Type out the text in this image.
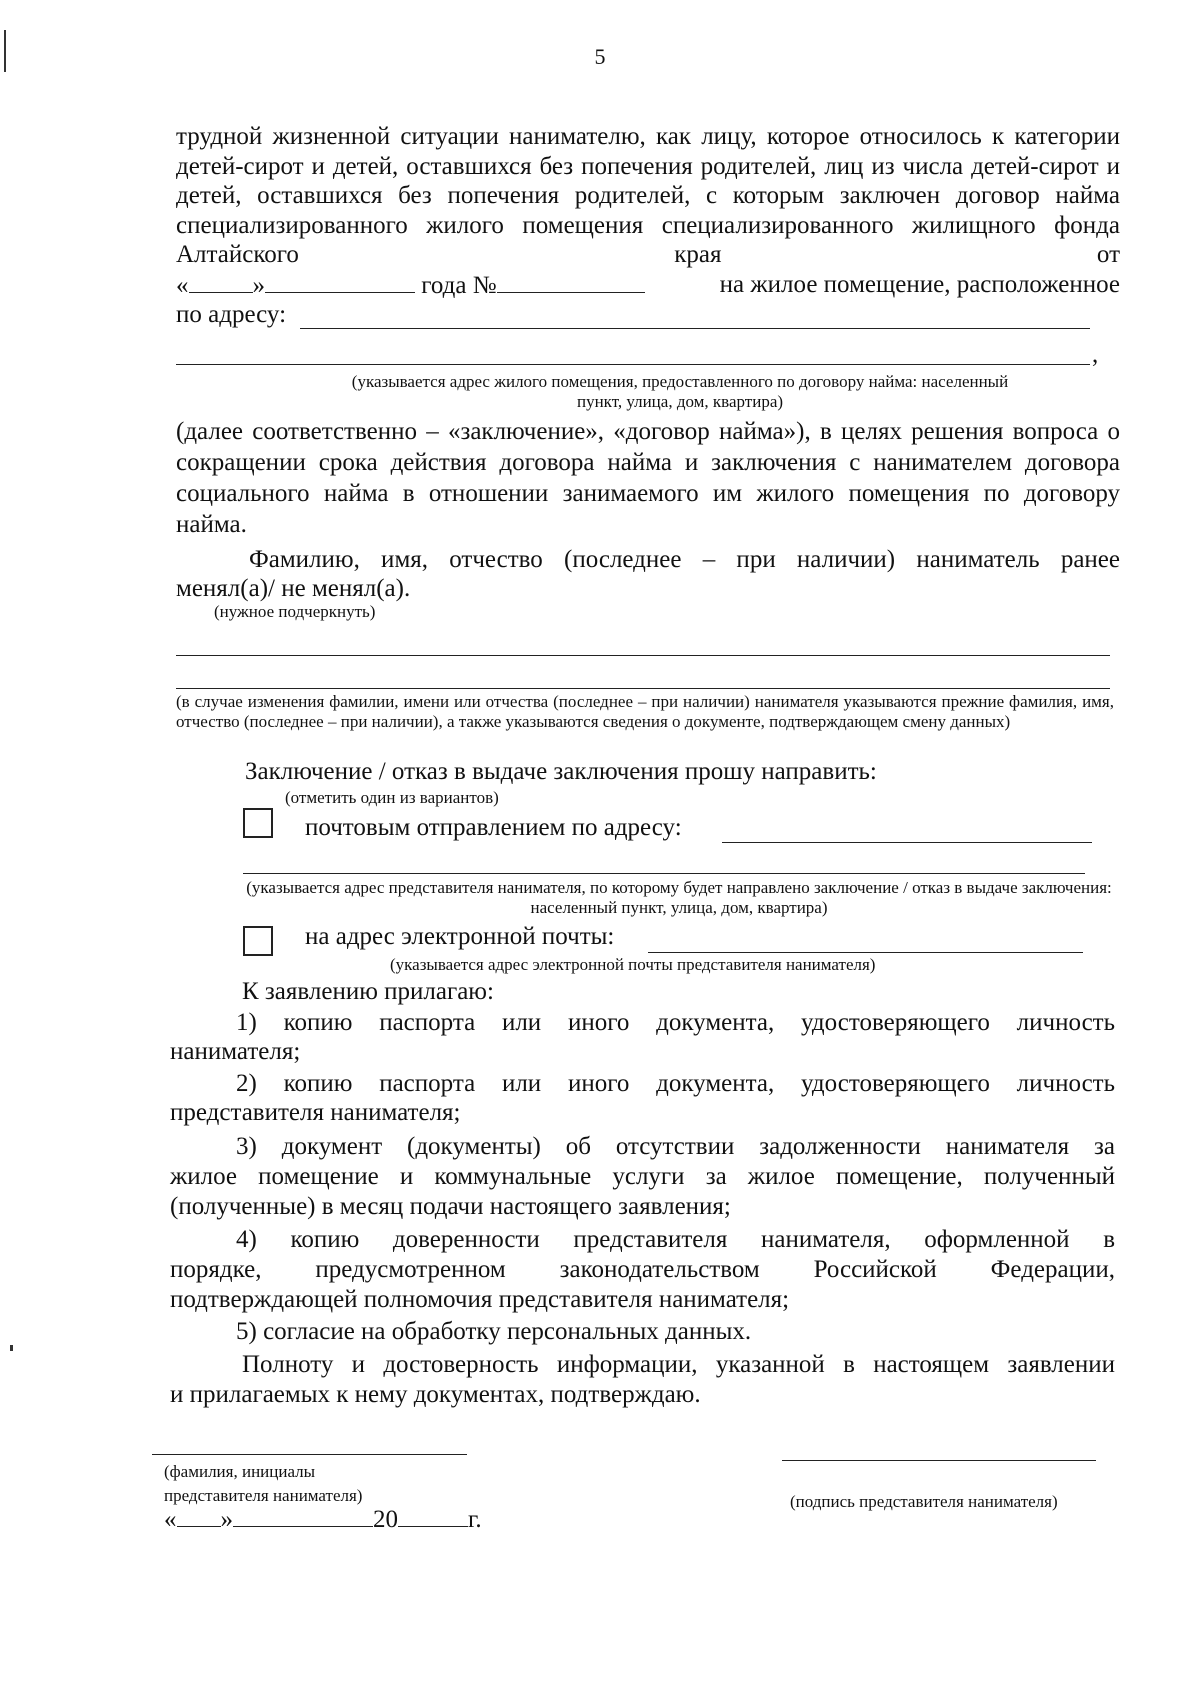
5
трудной жизненной ситуации нанимателю, как лицу, которое относилось к категории детей-сирот и детей, оставшихся без попечения родителей, лиц из числа детей-сирот и детей, оставшихся без попечения родителей, с которым заключен договор найма специализированного жилого помещения специализированного жилищного фонда Алтайского края от
«	»	года №	на жилое помещение, расположенное
по адресу:
,
(указывается адрес жилого помещения, предоставленного по договору найма: населенный пункт, улица, дом, квартира)
(далее соответственно – «заключение», «договор найма»), в целях решения вопроса о сокращении срока действия договора найма и заключения с нанимателем договора социального найма в отношении занимаемого им жилого помещения по договору найма.
Фамилию, имя, отчество (последнее – при наличии) наниматель ранее
менял(а)/ не менял(а).
(нужное подчеркнуть)
(в случае изменения фамилии, имени или отчества (последнее – при наличии) нанимателя указываются прежние фамилия, имя, отчество (последнее – при наличии), а также указываются сведения о документе, подтверждающем смену данных)
Заключение / отказ в выдаче заключения прошу направить:
(отметить один из вариантов)
почтовым отправлением по адресу:
(указывается адрес представителя нанимателя, по которому будет направлено заключение / отказ в выдаче заключения: населенный пункт, улица, дом, квартира)
на адрес электронной почты:
(указывается адрес электронной почты представителя нанимателя)
К заявлению прилагаю:
1) копию паспорта или иного документа, удостоверяющего личность
нанимателя;
2) копию паспорта или иного документа, удостоверяющего личность
представителя нанимателя;
3) документ (документы) об отсутствии задолженности нанимателя за
жилое помещение и коммунальные услуги за жилое помещение, полученный
(полученные) в месяц подачи настоящего заявления;
4) копию доверенности представителя нанимателя, оформленной в
порядке, предусмотренном законодательством Российской Федерации,
подтверждающей полномочия представителя нанимателя;
5) согласие на обработку персональных данных.
Полноту и достоверность информации, указанной в настоящем заявлении
и прилагаемых к нему документах, подтверждаю.
(фамилия, инициалы
представителя нанимателя)	(подпись представителя нанимателя)
« »	20	г.
